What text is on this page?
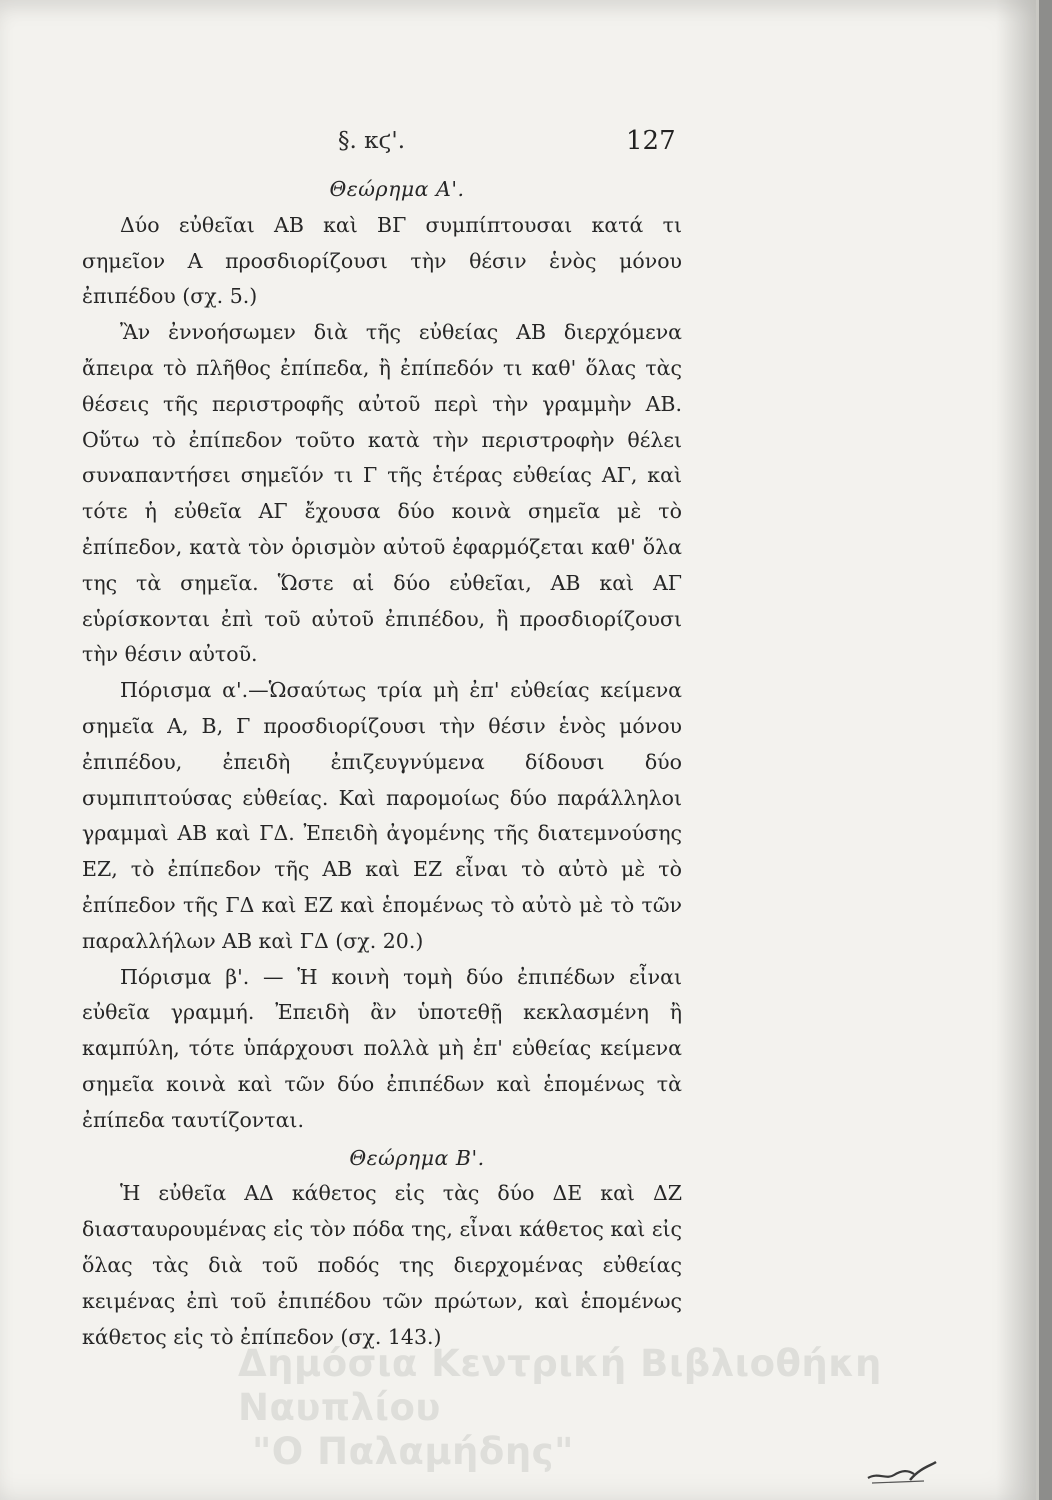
§. κϛ'.	127
Θεώρημα Α'.

Δύο εὐθεῖαι ΑΒ καὶ ΒΓ συμπίπτουσαι κατά τι σημεῖον Α προσδιορίζουσι τὴν θέσιν ἑνὸς μόνου ἐπιπέδου (σχ. 5.)

Ἂν ἐννοήσωμεν διὰ τῆς εὐθείας ΑΒ διερχόμενα ἄπειρα τὸ πλῆθος ἐπίπεδα, ἢ ἐπίπεδόν τι καθ' ὅλας τὰς θέσεις τῆς περιστροφῆς αὐτοῦ περὶ τὴν γραμμὴν ΑΒ. Οὕτω τὸ ἐπίπεδον τοῦτο κατὰ τὴν περιστροφὴν θέλει συναπαντήσει σημεῖόν τι Γ τῆς ἑτέρας εὐθείας ΑΓ, καὶ τότε ἡ εὐθεῖα ΑΓ ἔχουσα δύο κοινὰ σημεῖα μὲ τὸ ἐπίπεδον, κατὰ τὸν ὁρισμὸν αὐτοῦ ἐφαρμόζεται καθ' ὅλα της τὰ σημεῖα. Ὥστε αἱ δύο εὐθεῖαι, ΑΒ καὶ ΑΓ εὑρίσκονται ἐπὶ τοῦ αὐτοῦ ἐπιπέδου, ἢ προσδιορίζουσι τὴν θέσιν αὐτοῦ.

Πόρισμα α'.—Ὡσαύτως τρία μὴ ἐπ' εὐθείας κείμενα σημεῖα Α, Β, Γ προσδιορίζουσι τὴν θέσιν ἑνὸς μόνου ἐπιπέδου, ἐπειδὴ ἐπιζευγνύμενα δίδουσι δύο συμπιπτούσας εὐθείας. Καὶ παρομοίως δύο παράλληλοι γραμμαὶ ΑΒ καὶ ΓΔ. Ἐπειδὴ ἀγομένης τῆς διατεμνούσης ΕΖ, τὸ ἐπίπεδον τῆς ΑΒ καὶ ΕΖ εἶναι τὸ αὐτὸ μὲ τὸ ἐπίπεδον τῆς ΓΔ καὶ ΕΖ καὶ ἑπομένως τὸ αὐτὸ μὲ τὸ τῶν παραλλήλων ΑΒ καὶ ΓΔ (σχ. 20.)

Πόρισμα β'. — Ἡ κοινὴ τομὴ δύο ἐπιπέδων εἶναι εὐθεῖα γραμμή. Ἐπειδὴ ἂν ὑποτεθῇ κεκλασμένη ἢ καμπύλη, τότε ὑπάρχουσι πολλὰ μὴ ἐπ' εὐθείας κείμενα σημεῖα κοινὰ καὶ τῶν δύο ἐπιπέδων καὶ ἑπομένως τὰ ἐπίπεδα ταυτίζονται.

Θεώρημα Β'.

Ἡ εὐθεῖα ΑΔ κάθετος εἰς τὰς δύο ΔΕ καὶ ΔΖ διασταυρουμένας εἰς τὸν πόδα της, εἶναι κάθετος καὶ εἰς ὅλας τὰς διὰ τοῦ ποδός της διερχομένας εὐθείας κειμένας ἐπὶ τοῦ ἐπιπέδου τῶν πρώτων, καὶ ἑπομένως κάθετος εἰς τὸ ἐπίπεδον (σχ. 143.)

Δημόσια Κεντρική Βιβλιοθήκη Ναυπλίου
"Ο Παλαμήδης"
